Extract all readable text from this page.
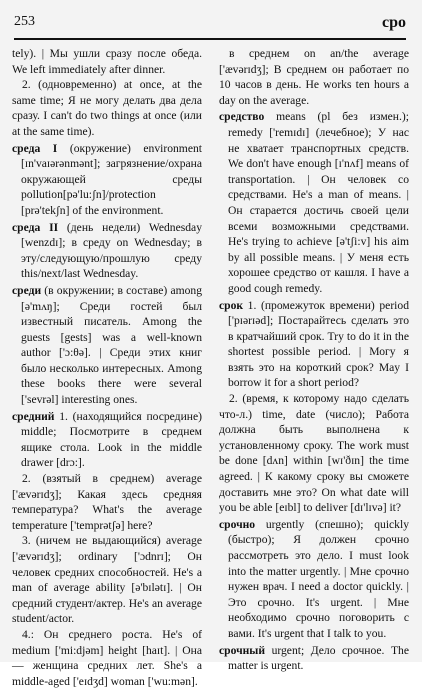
253	сро

tely). | Мы ушли сразу после обеда. We left immediately after dinner.

2. (одновременно) at once, at the same time; Я не могу делать два дела сразу. I can't do two things at once (или at the same time).

среда I (окружение) environment [ɪn'vaɪərənmənt]; загрязнение/охрана окружающей среды pollution[pə'lu:ʃn]/protection [prə'tekʃn] of the environment.

среда II (день недели) Wednesday [wenzdɪ]; в среду on Wednesday; в эту/следующую/прошлую среду this/next/last Wednesday.

среди (в окружении; в составе) among [ə'mʌŋ]; Среди гостей был известный писатель. Among the guests [gests] was a well-known author ['ɔ:θə]. | Среди этих книг было несколько интересных. Among these books there were several ['sevrəl] interesting ones.

средний 1. (находящийся посредине) middle; Посмотрите в среднем ящике стола. Look in the middle drawer [drɔ:].

2. (взятый в среднем) average ['ævərɪdʒ]; Какая здесь средняя температура? What's the average temperature ['temprətʃə] here?

3. (ничем не выдающийся) average ['ævərɪdʒ]; ordinary ['ɔdnrɪ]; Он человек средних способностей. He's a man of average ability [ə'bɪlətɪ]. | Он средний студент/актер. He's an average student/actor.

4.: Он среднего роста. He's of medium ['mi:djəm] height [haɪt]. | Она — женщина средних лет. She's a middle-aged ['eɪdʒd] woman ['wu:mən].

в среднем on an/the average ['ævərɪdʒ]; В среднем он работает по 10 часов в день. He works ten hours a day on the average.

средство means (pl без измен.); remedy ['remɪdɪ] (лечебное); У нас не хватает транспортных средств. We don't have enough [ɪ'nʌf] means of transportation. | Он человек со средствами. He's a man of means. | Он старается достичь своей цели всеми возможными средствами. He's trying to achieve [ə'tʃi:v] his aim by all possible means. | У меня есть хорошее средство от кашля. I have a good cough remedy.

срок 1. (промежуток времени) period ['pɪərɪəd]; Постарайтесь сделать это в кратчайший срок. Try to do it in the shortest possible period. | Могу я взять это на короткий срок? May I borrow it for a short period?

2. (время, к которому надо сделать что-л.) time, date (числo); Работа должна быть выполнена к установленному сроку. The work must be done [dʌn] within [wɪ'ðɪn] the time agreed. | К какому сроку вы сможете доставить мне это? On what date will you be able [eɪbl] to deliver [dɪ'lɪvə] it?

срочно urgently (спешно); quickly (быстро); Я должен срочно рассмотреть это дело. I must look into the matter urgently. | Мне срочно нужен врач. I need a doctor quickly. | Это срочно. It's urgent. | Мне необходимо срочно поговорить с вами. It's urgent that I talk to you.

срочный urgent; Дело срочное. The matter is urgent.
